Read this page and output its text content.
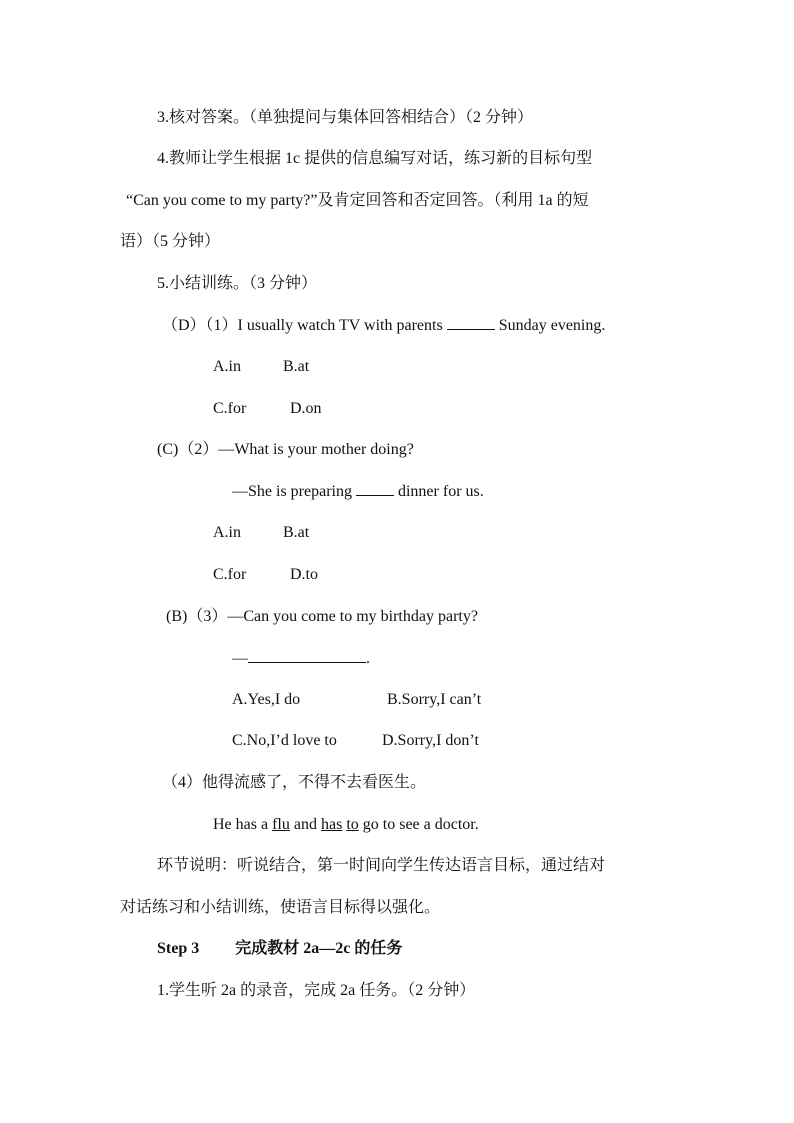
3.核对答案。（单独提问与集体回答相结合）（2 分钟）
4.教师让学生根据 1c 提供的信息编写对话，练习新的目标句型
“Can you come to my party?”及肯定回答和否定回答。（利用 1a 的短
语）（5 分钟）
5.小结训练。（3 分钟）
（D）（1）I usually watch TV with parents	Sunday evening.
A.in	B.at
C.for	D.on
(C)（2）—What is your mother doing?
—She is preparing	dinner for us.
A.in	B.at
C.for	D.to
(B)（3）—Can you come to my birthday party?
—	.
A.Yes,I do	B.Sorry,I can’t
C.No,I’d love to	D.Sorry,I don’t
（4）他得流感了，不得不去看医生。
He has a flu and has to go to see a doctor.
环节说明：听说结合，第一时间向学生传达语言目标，通过结对
对话练习和小结训练，使语言目标得以强化。
Step 3 完成教材 2a—2c 的任务
1.学生听 2a 的录音，完成 2a 任务。（2 分钟）
